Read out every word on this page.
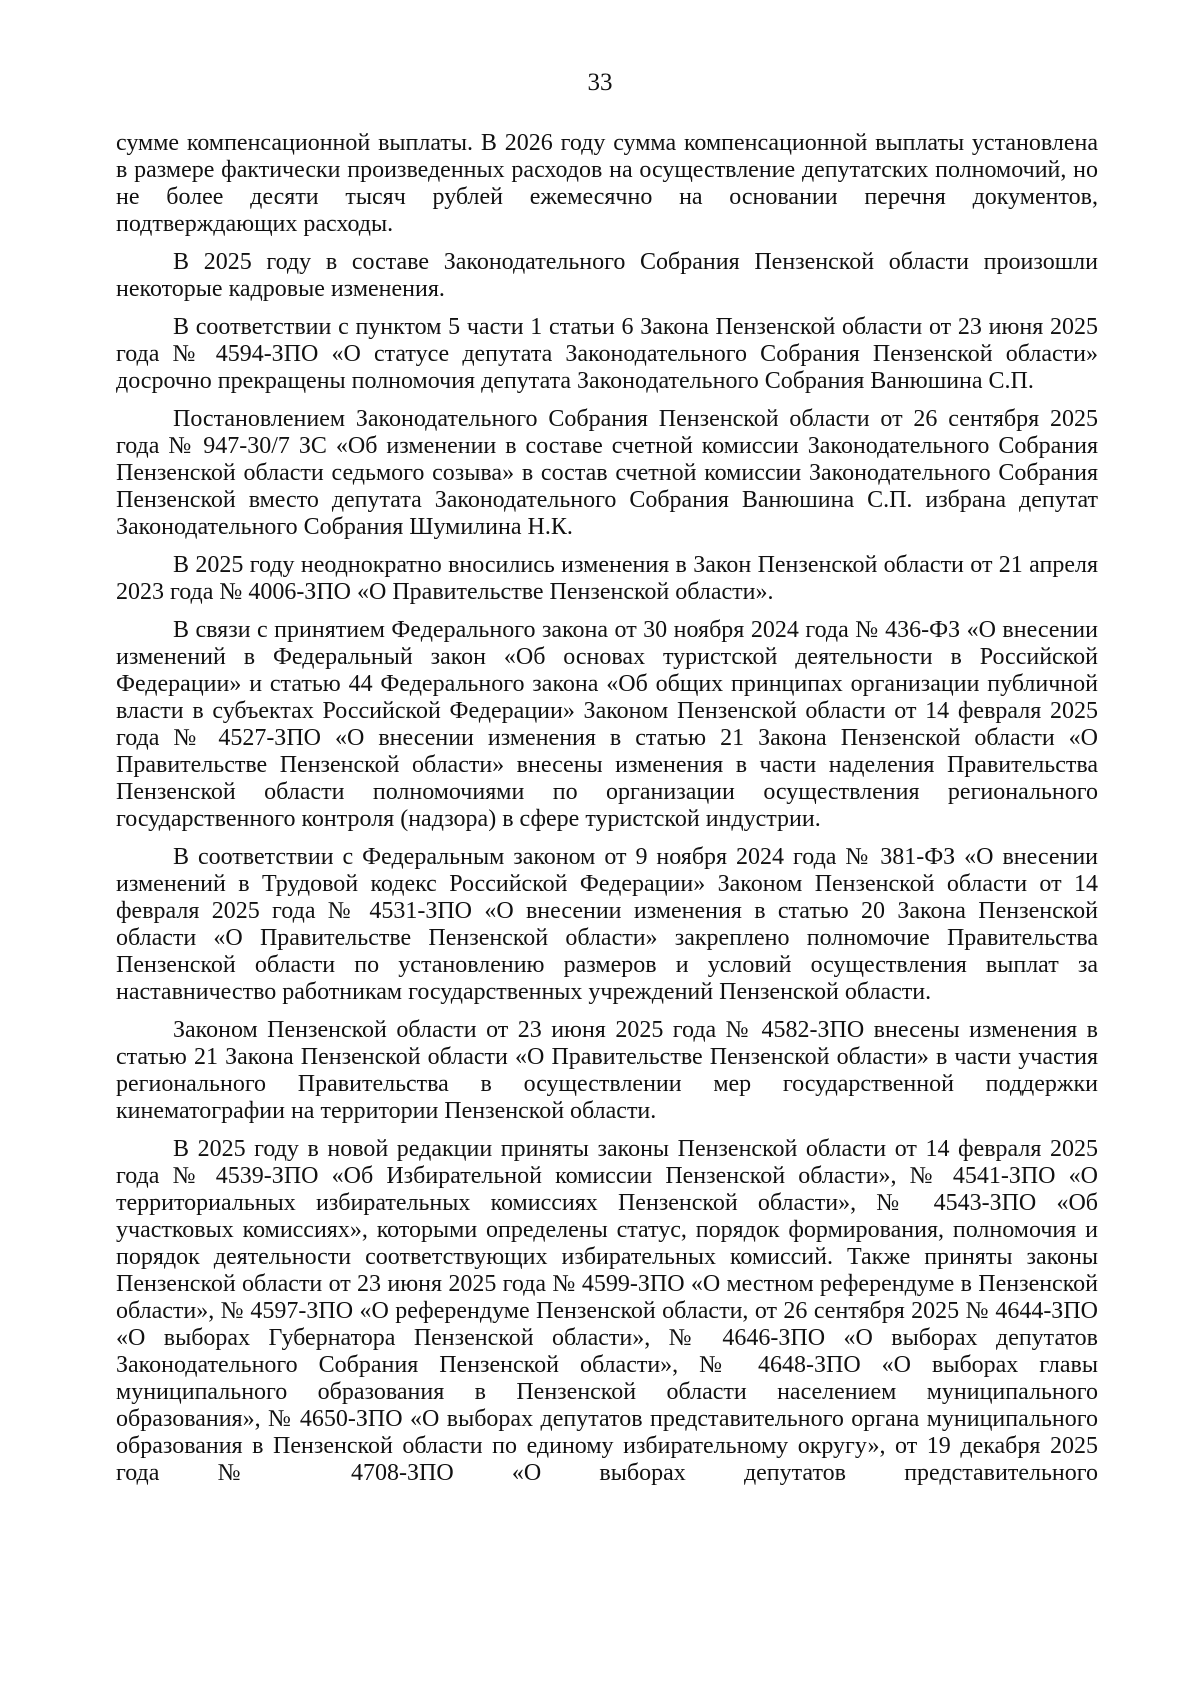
33

сумме компенсационной выплаты. В 2026 году сумма компенсационной выплаты установлена в размере фактически произведенных расходов на осуществление депутатских полномочий, но не более десяти тысяч рублей ежемесячно на основании перечня документов, подтверждающих расходы.

В 2025 году в составе Законодательного Собрания Пензенской области произошли некоторые кадровые изменения.

В соответствии с пунктом 5 части 1 статьи 6 Закона Пензенской области от 23 июня 2025 года № 4594-ЗПО «О статусе депутата Законодательного Собрания Пензенской области» досрочно прекращены полномочия депутата Законодательного Собрания Ванюшина С.П.

Постановлением Законодательного Собрания Пензенской области от 26 сентября 2025 года № 947-30/7 ЗС «Об изменении в составе счетной комиссии Законодательного Собрания Пензенской области седьмого созыва» в состав счетной комиссии Законодательного Собрания Пензенской вместо депутата Законодательного Собрания Ванюшина С.П. избрана депутат Законодательного Собрания Шумилина Н.К.

В 2025 году неоднократно вносились изменения в Закон Пензенской области от 21 апреля 2023 года № 4006-ЗПО «О Правительстве Пензенской области».

В связи с принятием Федерального закона от 30 ноября 2024 года № 436-ФЗ «О внесении изменений в Федеральный закон «Об основах туристской деятельности в Российской Федерации» и статью 44 Федерального закона «Об общих принципах организации публичной власти в субъектах Российской Федерации» Законом Пензенской области от 14 февраля 2025 года № 4527-ЗПО «О внесении изменения в статью 21 Закона Пензенской области «О Правительстве Пензенской области» внесены изменения в части наделения Правительства Пензенской области полномочиями по организации осуществления регионального государственного контроля (надзора) в сфере туристской индустрии.

В соответствии с Федеральным законом от 9 ноября 2024 года № 381-ФЗ «О внесении изменений в Трудовой кодекс Российской Федерации» Законом Пензенской области от 14 февраля 2025 года № 4531-ЗПО «О внесении изменения в статью 20 Закона Пензенской области «О Правительстве Пензенской области» закреплено полномочие Правительства Пензенской области по установлению размеров и условий осуществления выплат за наставничество работникам государственных учреждений Пензенской области.

Законом Пензенской области от 23 июня 2025 года № 4582-ЗПО внесены изменения в статью 21 Закона Пензенской области «О Правительстве Пензенской области» в части участия регионального Правительства в осуществлении мер государственной поддержки кинематографии на территории Пензенской области.

В 2025 году в новой редакции приняты законы Пензенской области от 14 февраля 2025 года № 4539-ЗПО «Об Избирательной комиссии Пензенской области», № 4541-ЗПО «О территориальных избирательных комиссиях Пензенской области», № 4543-ЗПО «Об участковых комиссиях», которыми определены статус, порядок формирования, полномочия и порядок деятельности соответствующих избирательных комиссий. Также приняты законы Пензенской области от 23 июня 2025 года № 4599-ЗПО «О местном референдуме в Пензенской области», № 4597-ЗПО «О референдуме Пензенской области, от 26 сентября 2025 № 4644-ЗПО «О выборах Губернатора Пензенской области», № 4646-ЗПО «О выборах депутатов Законодательного Собрания Пензенской области», № 4648-ЗПО «О выборах главы муниципального образования в Пензенской области населением муниципального образования», № 4650-ЗПО «О выборах депутатов представительного органа муниципального образования в Пензенской области по единому избирательному округу», от 19 декабря 2025 года № 4708-ЗПО «О выборах депутатов представительного
